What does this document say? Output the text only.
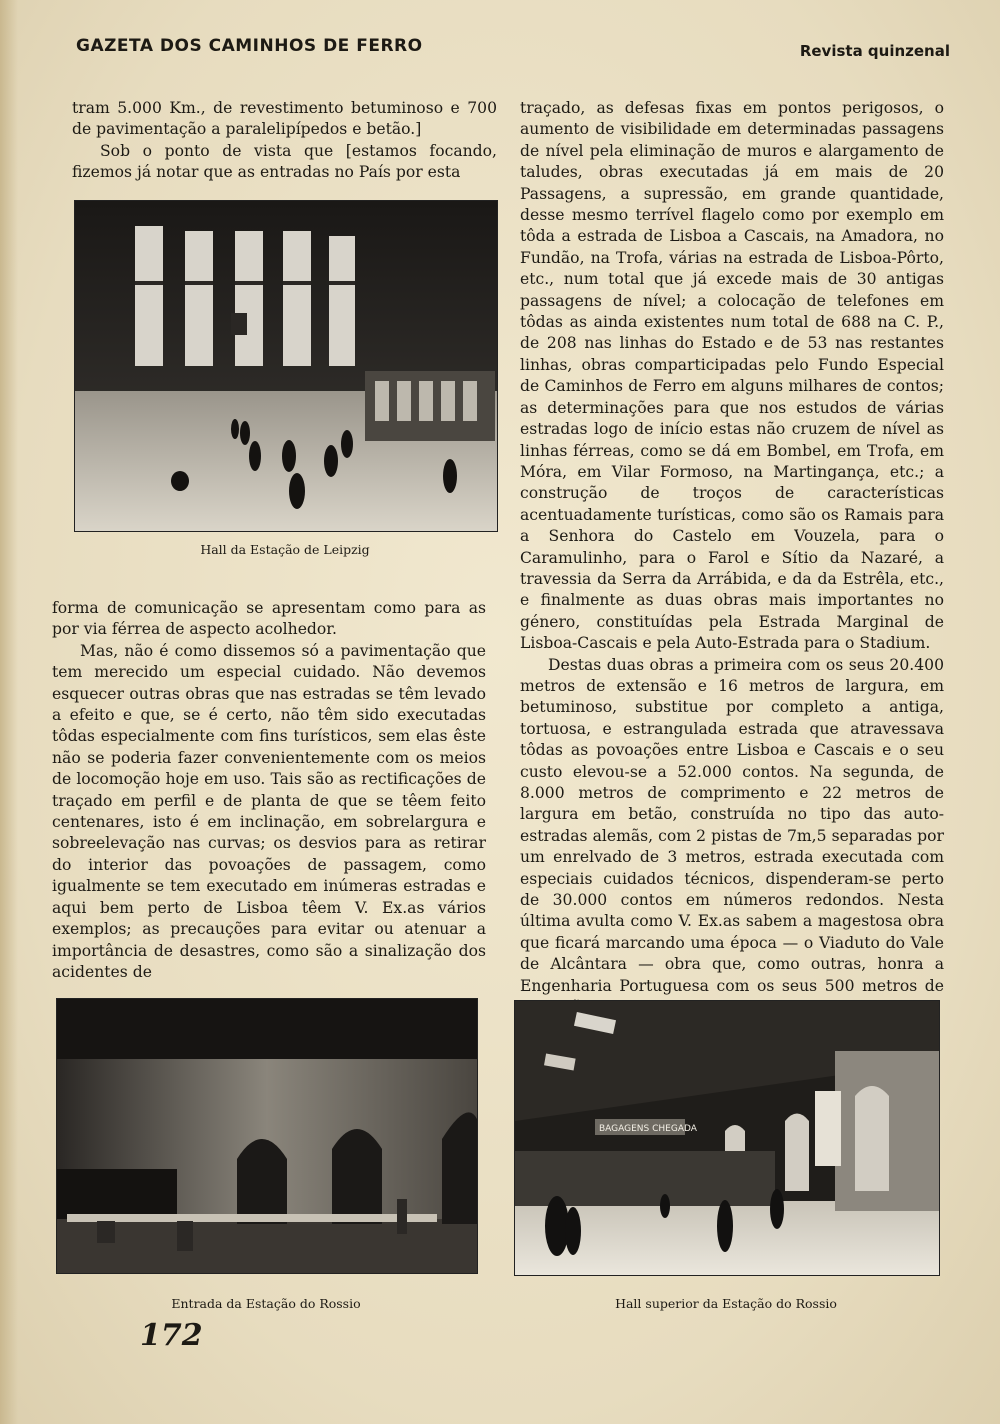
GAZETA DOS CAMINHOS DE FERRO	Revista quinzenal

tram 5.000 Km., de revestimento betuminoso e 700 de pavimentação a paralelipípedos e betão.]

Sob o ponto de vista que [estamos focando, fizemos já notar que as entradas no País por esta

Hall da Estação de Leipzig

forma de comunicação se apresentam como para as por via férrea de aspecto acolhedor.

Mas, não é como dissemos só a pavimentação que tem merecido um especial cuidado. Não devemos esquecer outras obras que nas estradas se têm levado a efeito e que, se é certo, não têm sido executadas tôdas especialmente com fins turísticos, sem elas êste não se poderia fazer convenientemente com os meios de locomoção hoje em uso. Tais são as rectificações de traçado em perfil e de planta de que se têem feito centenares, isto é em inclinação, em sobrelargura e sobreelevação nas curvas; os desvios para as retirar do interior das povoações de passagem, como igualmente se tem executado em inúmeras estradas e aqui bem perto de Lisboa têem V. Ex.as vários exemplos; as precauções para evitar ou atenuar a importância de desastres, como são a sinalização dos acidentes de

traçado, as defesas fixas em pontos perigosos, o aumento de visibilidade em determinadas passagens de nível pela eliminação de muros e alargamento de taludes, obras executadas já em mais de 20 Passagens, a supressão, em grande quantidade, desse mesmo terrível flagelo como por exemplo em tôda a estrada de Lisboa a Cascais, na Amadora, no Fundão, na Trofa, várias na estrada de Lisboa-Pôrto, etc., num total que já excede mais de 30 antigas passagens de nível; a colocação de telefones em tôdas as ainda existentes num total de 688 na C. P., de 208 nas linhas do Estado e de 53 nas restantes linhas, obras comparticipadas pelo Fundo Especial de Caminhos de Ferro em alguns milhares de contos; as determinações para que nos estudos de várias estradas logo de início estas não cruzem de nível as linhas férreas, como se dá em Bombel, em Trofa, em Móra, em Vilar Formoso, na Martingança, etc.; a construção de troços de características acentuadamente turísticas, como são os Ramais para a Senhora do Castelo em Vouzela, para o Caramulinho, para o Farol e Sítio da Nazaré, a travessia da Serra da Arrábida, e da da Estrêla, etc., e finalmente as duas obras mais importantes no género, constituídas pela Estrada Marginal de Lisboa-Cascais e pela Auto-Estrada para o Stadium.

Destas duas obras a primeira com os seus 20.400 metros de extensão e 16 metros de largura, em betuminoso, substitue por completo a antiga, tortuosa, e estrangulada estrada que atravessava tôdas as povoações entre Lisboa e Cascais e o seu custo elevou-se a 52.000 contos. Na segunda, de 8.000 metros de comprimento e 22 metros de largura em betão, construída no tipo das auto-estradas alemãs, com 2 pistas de 7m,5 separadas por um enrelvado de 3 metros, estrada executada com especiais cuidados técnicos, dispenderam-se perto de 30.000 contos em números redondos. Nesta última avulta como V. Ex.as sabem a magestosa obra que ficará marcando uma época — o Viaduto do Vale de Alcântara — obra que, como outras, honra a Engenharia Portuguesa com os seus 500 metros de

Entrada da Estação do Rossio
BAGAGENS CHEGADA
Hall superior da Estação do Rossio
172
